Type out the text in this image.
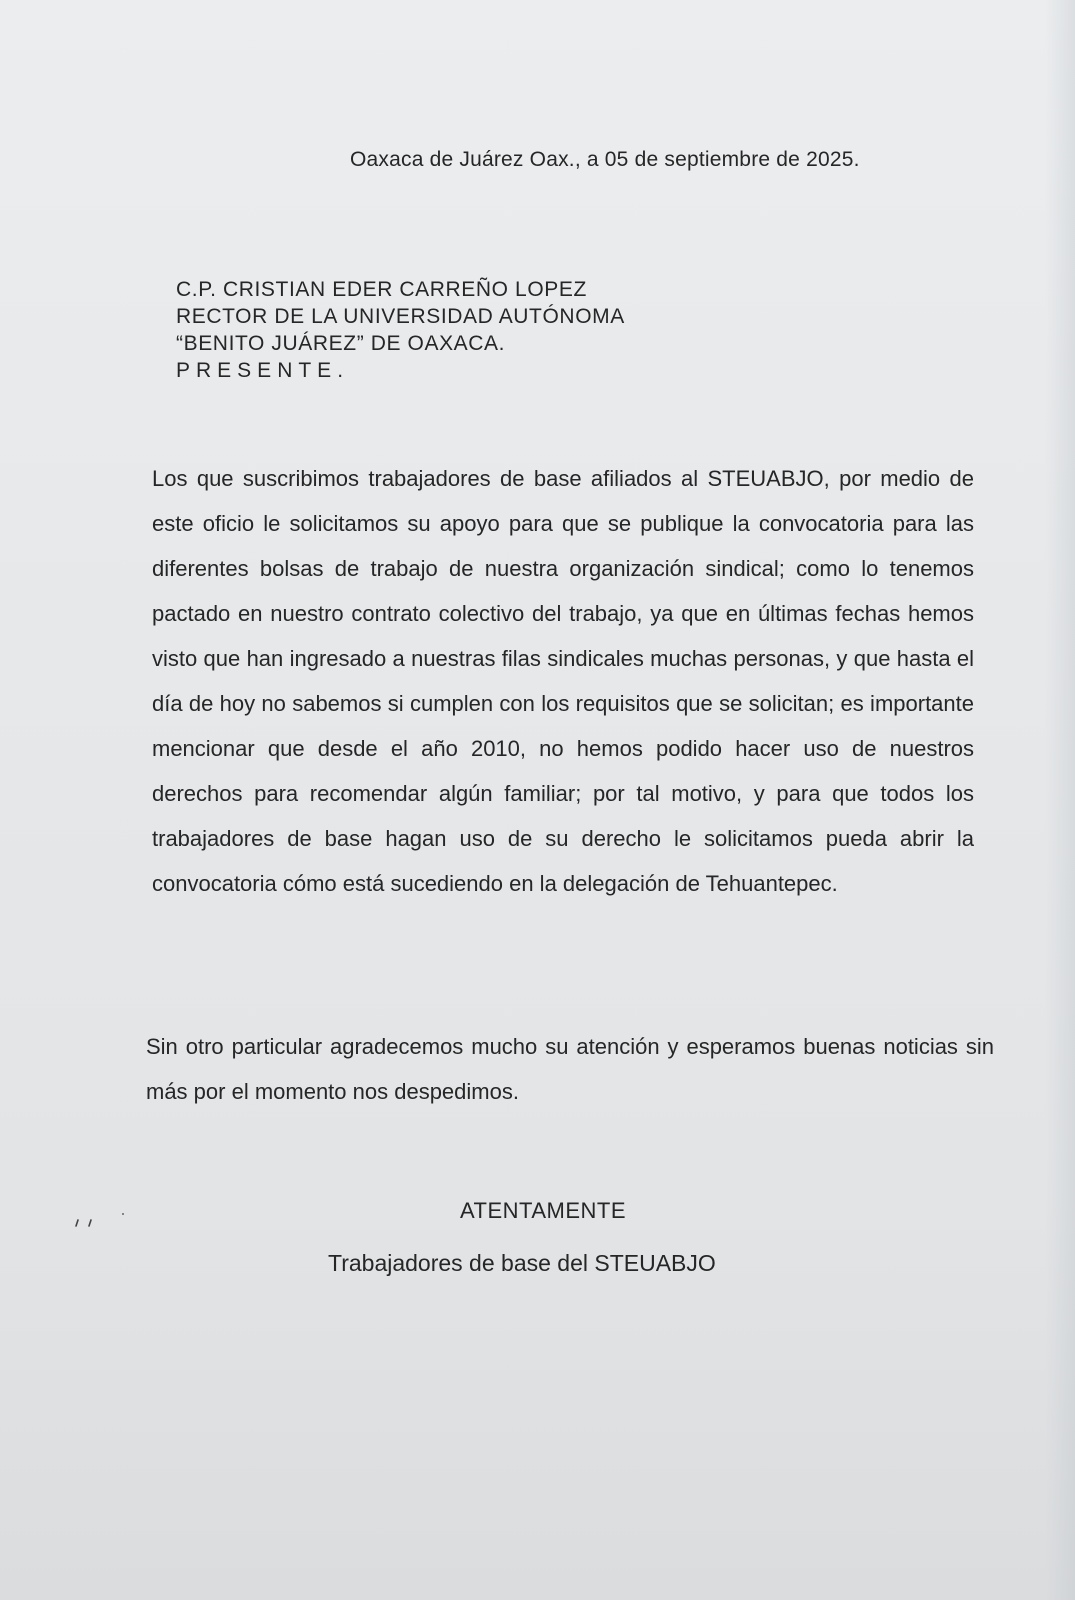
Oaxaca de Juárez Oax., a 05 de septiembre de 2025.
C.P. CRISTIAN EDER CARREÑO LOPEZ
RECTOR DE LA UNIVERSIDAD AUTÓNOMA
“BENITO JUÁREZ” DE OAXACA.
PRESENTE.
Los que suscribimos trabajadores de base afiliados al STEUABJO, por medio de este oficio le solicitamos su apoyo para que se publique la convocatoria para las diferentes bolsas de trabajo de nuestra organización sindical; como lo tenemos pactado en nuestro contrato colectivo del trabajo, ya que en últimas fechas hemos visto que han ingresado a nuestras filas sindicales muchas personas, y que hasta el día de hoy no sabemos si cumplen con los requisitos que se solicitan; es importante mencionar que desde el año 2010, no hemos podido hacer uso de nuestros derechos para recomendar algún familiar; por tal motivo, y para que todos los trabajadores de base hagan uso de su derecho le solicitamos pueda abrir la convocatoria cómo está sucediendo en la delegación de Tehuantepec.
Sin otro particular agradecemos mucho su atención y esperamos buenas noticias sin más por el momento nos despedimos.
ATENTAMENTE
Trabajadores de base del STEUABJO
